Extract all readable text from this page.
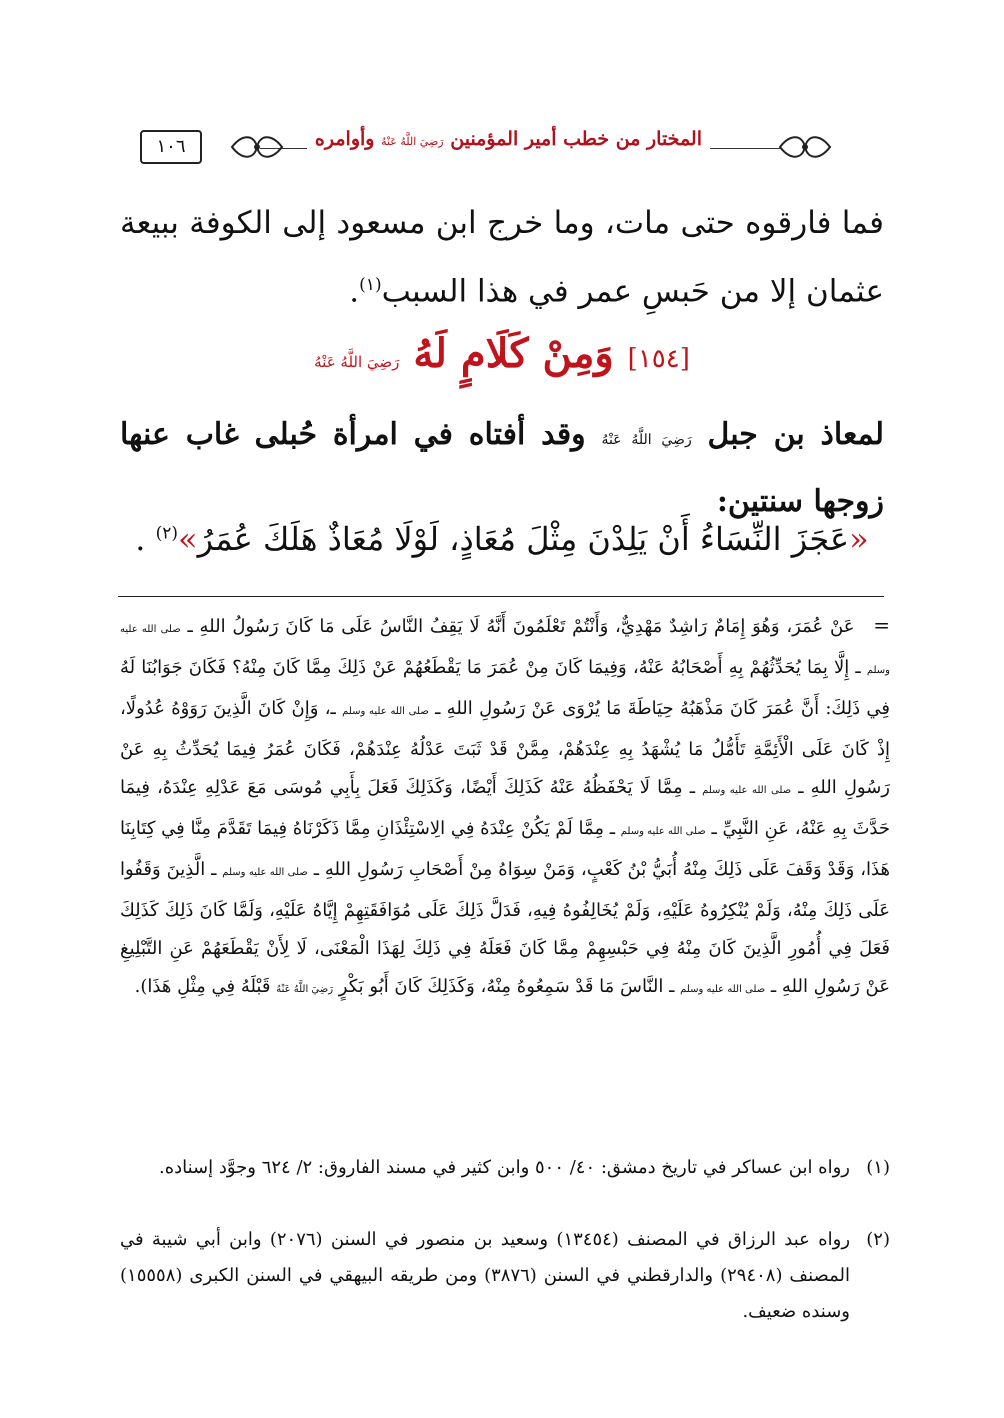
١٠٦	المختار من خطب أمير المؤمنين رَضِيَ اللَّهُ عَنْهُ وأوامره
فما فارقوه حتى مات، وما خرج ابن مسعود إلى الكوفة ببيعة عثمان إلا من حَبسِ عمر في هذا السبب$^{(١)}$.
[١٥٤] وَمِنْ كَلَامٍ لَهُ رَضِيَ اللَّهُ عَنْهُ
لمعاذ بن جبل رَضِيَ اللَّهُ عَنْهُ وقد أفتاه في امرأة حُبلى غاب عنها زوجها سنتين:
«عَجَزَ النِّسَاءُ أَنْ يَلِدْنَ مِثْلَ مُعَاذٍ، لَوْلَا مُعَاذٌ هَلَكَ عُمَرُ»$^{(٢)}$ .
= عَنْ عُمَرَ، وَهُوَ إِمَامٌ رَاشِدٌ مَهْدِيٌّ، وَأَنْتُمْ تَعْلَمُونَ أَنَّهُ لَا يَقِفُ النَّاسُ عَلَى مَا كَانَ رَسُولُ اللهِ ـ صلى الله عليه وسلم ـ إِلَّا بِمَا يُحَدِّثُهُمْ بِهِ أَصْحَابُهُ عَنْهُ، وَفِيمَا كَانَ مِنْ عُمَرَ مَا يَقْطَعُهُمْ عَنْ ذَلِكَ مِمَّا كَانَ مِنْهُ؟ فَكَانَ جَوَابُنَا لَهُ فِي ذَلِكَ: أَنَّ عُمَرَ كَانَ مَذْهَبُهُ حِيَاطَةَ مَا يُرْوَى عَنْ رَسُولِ اللهِ ـ صلى الله عليه وسلم ـ، وَإِنْ كَانَ الَّذِينَ رَوَوْهُ عُدُولًا، إِذْ كَانَ عَلَى الْأَئِمَّةِ تَأَمُّلُ مَا يُشْهَدُ بِهِ عِنْدَهُمْ، مِمَّنْ قَدْ ثَبَتَ عَدْلُهُ عِنْدَهُمْ، فَكَانَ عُمَرُ فِيمَا يُحَدِّثُ بِهِ عَنْ رَسُولِ اللهِ ـ صلى الله عليه وسلم ـ مِمَّا لَا يَحْفَظُهُ عَنْهُ كَذَلِكَ أَيْضًا، وَكَذَلِكَ فَعَلَ بِأَبِي مُوسَى مَعَ عَدْلِهِ عِنْدَهُ، فِيمَا حَدَّثَ بِهِ عَنْهُ، عَنِ النَّبِيِّ ـ صلى الله عليه وسلم ـ مِمَّا لَمْ يَكُنْ عِنْدَهُ فِي الِاسْتِئْذَانِ مِمَّا ذَكَرْنَاهُ فِيمَا تَقَدَّمَ مِنَّا فِي كِتَابِنَا هَذَا، وَقَدْ وَقَفَ عَلَى ذَلِكَ مِنْهُ أُبَيُّ بْنُ كَعْبٍ، وَمَنْ سِوَاهُ مِنْ أَصْحَابِ رَسُولِ اللهِ ـ صلى الله عليه وسلم ـ الَّذِينَ وَقَفُوا عَلَى ذَلِكَ مِنْهُ، وَلَمْ يُنْكِرُوهُ عَلَيْهِ، وَلَمْ يُخَالِفُوهُ فِيهِ، فَدَلَّ ذَلِكَ عَلَى مُوَافَقَتِهِمْ إِيَّاهُ عَلَيْهِ، وَلَمَّا كَانَ ذَلِكَ كَذَلِكَ فَعَلَ فِي أُمُورِ الَّذِينَ كَانَ مِنْهُ فِي حَبْسِهِمْ مِمَّا كَانَ فَعَلَهُ فِي ذَلِكَ لِهَذَا الْمَعْنَى، لَا لِأَنْ يَقْطَعَهُمْ عَنِ التَّبْلِيغِ عَنْ رَسُولِ اللهِ ـ صلى الله عليه وسلم ـ النَّاسَ مَا قَدْ سَمِعُوهُ مِنْهُ، وَكَذَلِكَ كَانَ أَبُو بَكْرٍ رَضِيَ اللَّهُ عَنْهُ قَبْلَهُ فِي مِثْلِ هَذَا).
(١)
رواه ابن عساكر في تاريخ دمشق: ٤٠/ ٥٠٠ وابن كثير في مسند الفاروق: ٢/ ٦٢٤ وجوَّد إسناده.
(٢)
رواه عبد الرزاق في المصنف (١٣٤٥٤) وسعيد بن منصور في السنن (٢٠٧٦) وابن أبي شيبة في المصنف (٢٩٤٠٨) والدارقطني في السنن (٣٨٧٦) ومن طريقه البيهقي في السنن الكبرى (١٥٥٥٨) وسنده ضعيف.
